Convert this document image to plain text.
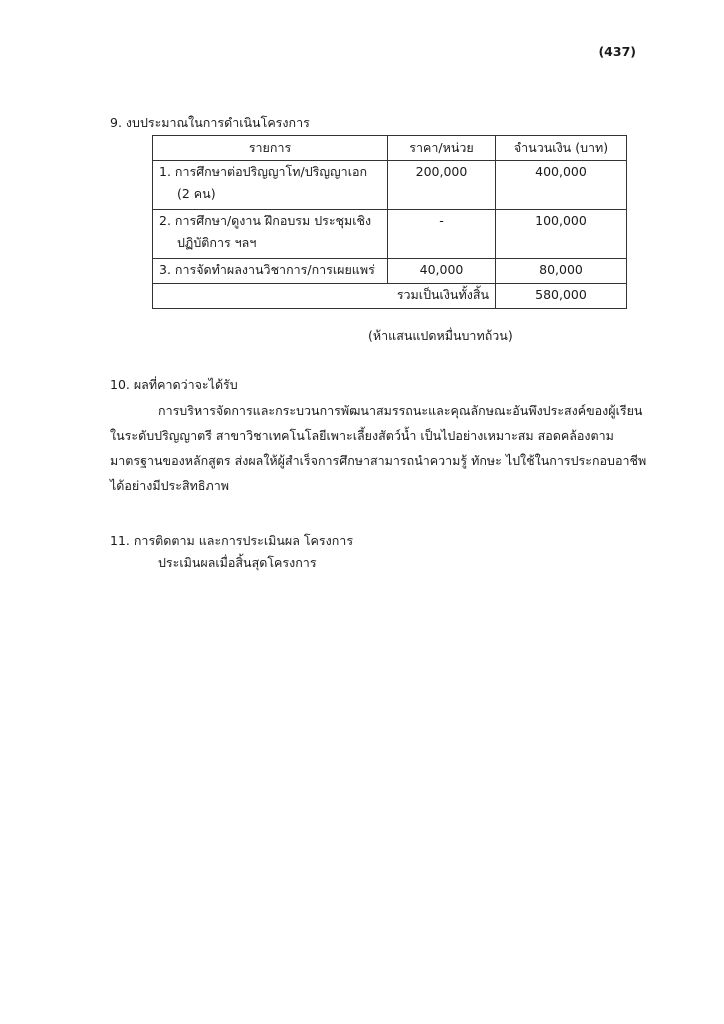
(437)
9. งบประมาณในการดำเนินโครงการ
รายการ	ราคา/หน่วย	จำนวนเงิน (บาท)

1. การศึกษาต่อปริญญาโท/ปริญญาเอก
(2 คน)	200,000	400,000

2. การศึกษา/ดูงาน ฝึกอบรม ประชุมเชิง
ปฏิบัติการ ฯลฯ	-	100,000

3. การจัดทำผลงานวิชาการ/การเผยแพร่	40,000	80,000
รวมเป็นเงินทั้งสิ้น		580,000
(ห้าแสนแปดหมื่นบาทถ้วน)
10. ผลที่คาดว่าจะได้รับ
การบริหารจัดการและกระบวนการพัฒนาสมรรถนะและคุณลักษณะอันพึงประสงค์ของผู้เรียน
ในระดับปริญญาตรี สาขาวิชาเทคโนโลยีเพาะเลี้ยงสัตว์น้ำ เป็นไปอย่างเหมาะสม สอดคล้องตาม
มาตรฐานของหลักสูตร ส่งผลให้ผู้สำเร็จการศึกษาสามารถนำความรู้ ทักษะ ไปใช้ในการประกอบอาชีพ
ได้อย่างมีประสิทธิภาพ
11. การติดตาม และการประเมินผล โครงการ
ประเมินผลเมื่อสิ้นสุดโครงการ
